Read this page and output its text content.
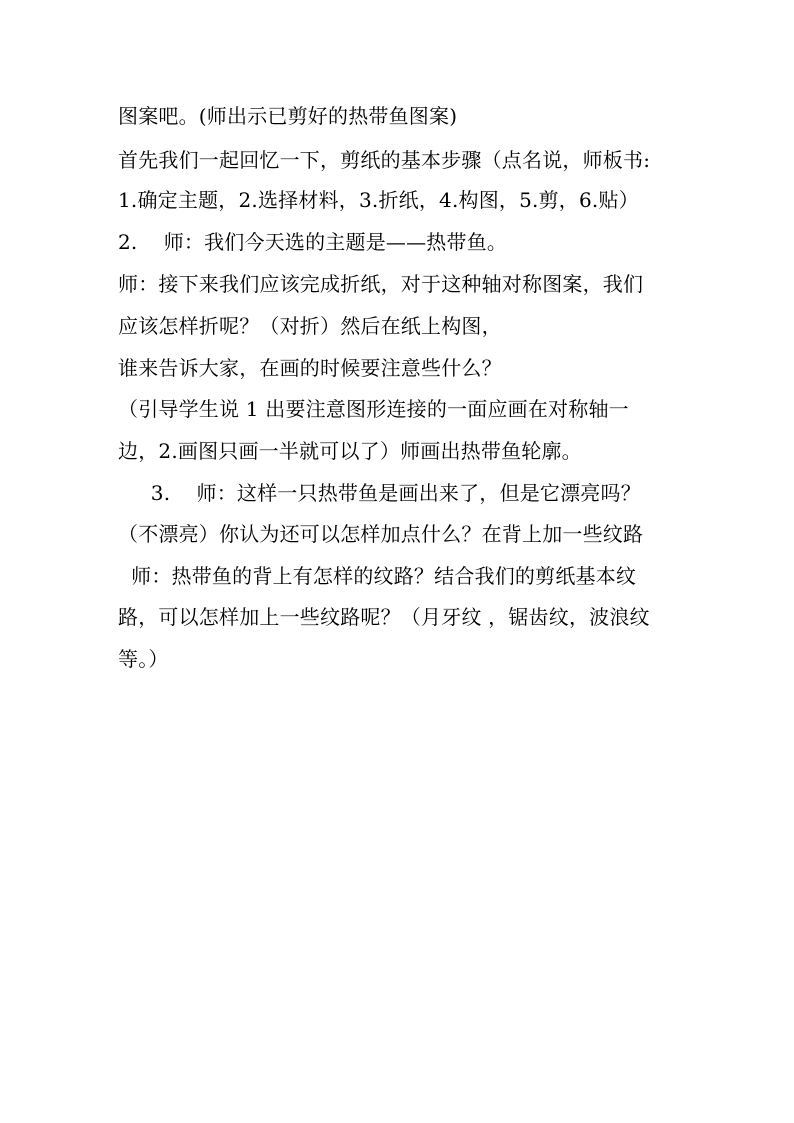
图案吧。(师出示已剪好的热带鱼图案)
首先我们一起回忆一下，剪纸的基本步骤（点名说，师板书:
1.确定主题，2.选择材料，3.折纸，4.构图，5.剪，6.贴）
2.    师：我们今天选的主题是——热带鱼。
师：接下来我们应该完成折纸，对于这种轴对称图案，我们
应该怎样折呢？（对折）然后在纸上构图，
谁来告诉大家，在画的时候要注意些什么？
（引导学生说 1 出要注意图形连接的一面应画在对称轴一
边，2.画图只画一半就可以了）师画出热带鱼轮廓。
3.    师：这样一只热带鱼是画出来了，但是它漂亮吗？
（不漂亮）你认为还可以怎样加点什么？在背上加一些纹路
师：热带鱼的背上有怎样的纹路？结合我们的剪纸基本纹
路，可以怎样加上一些纹路呢？（月牙纹 ，锯齿纹，波浪纹
等。）
